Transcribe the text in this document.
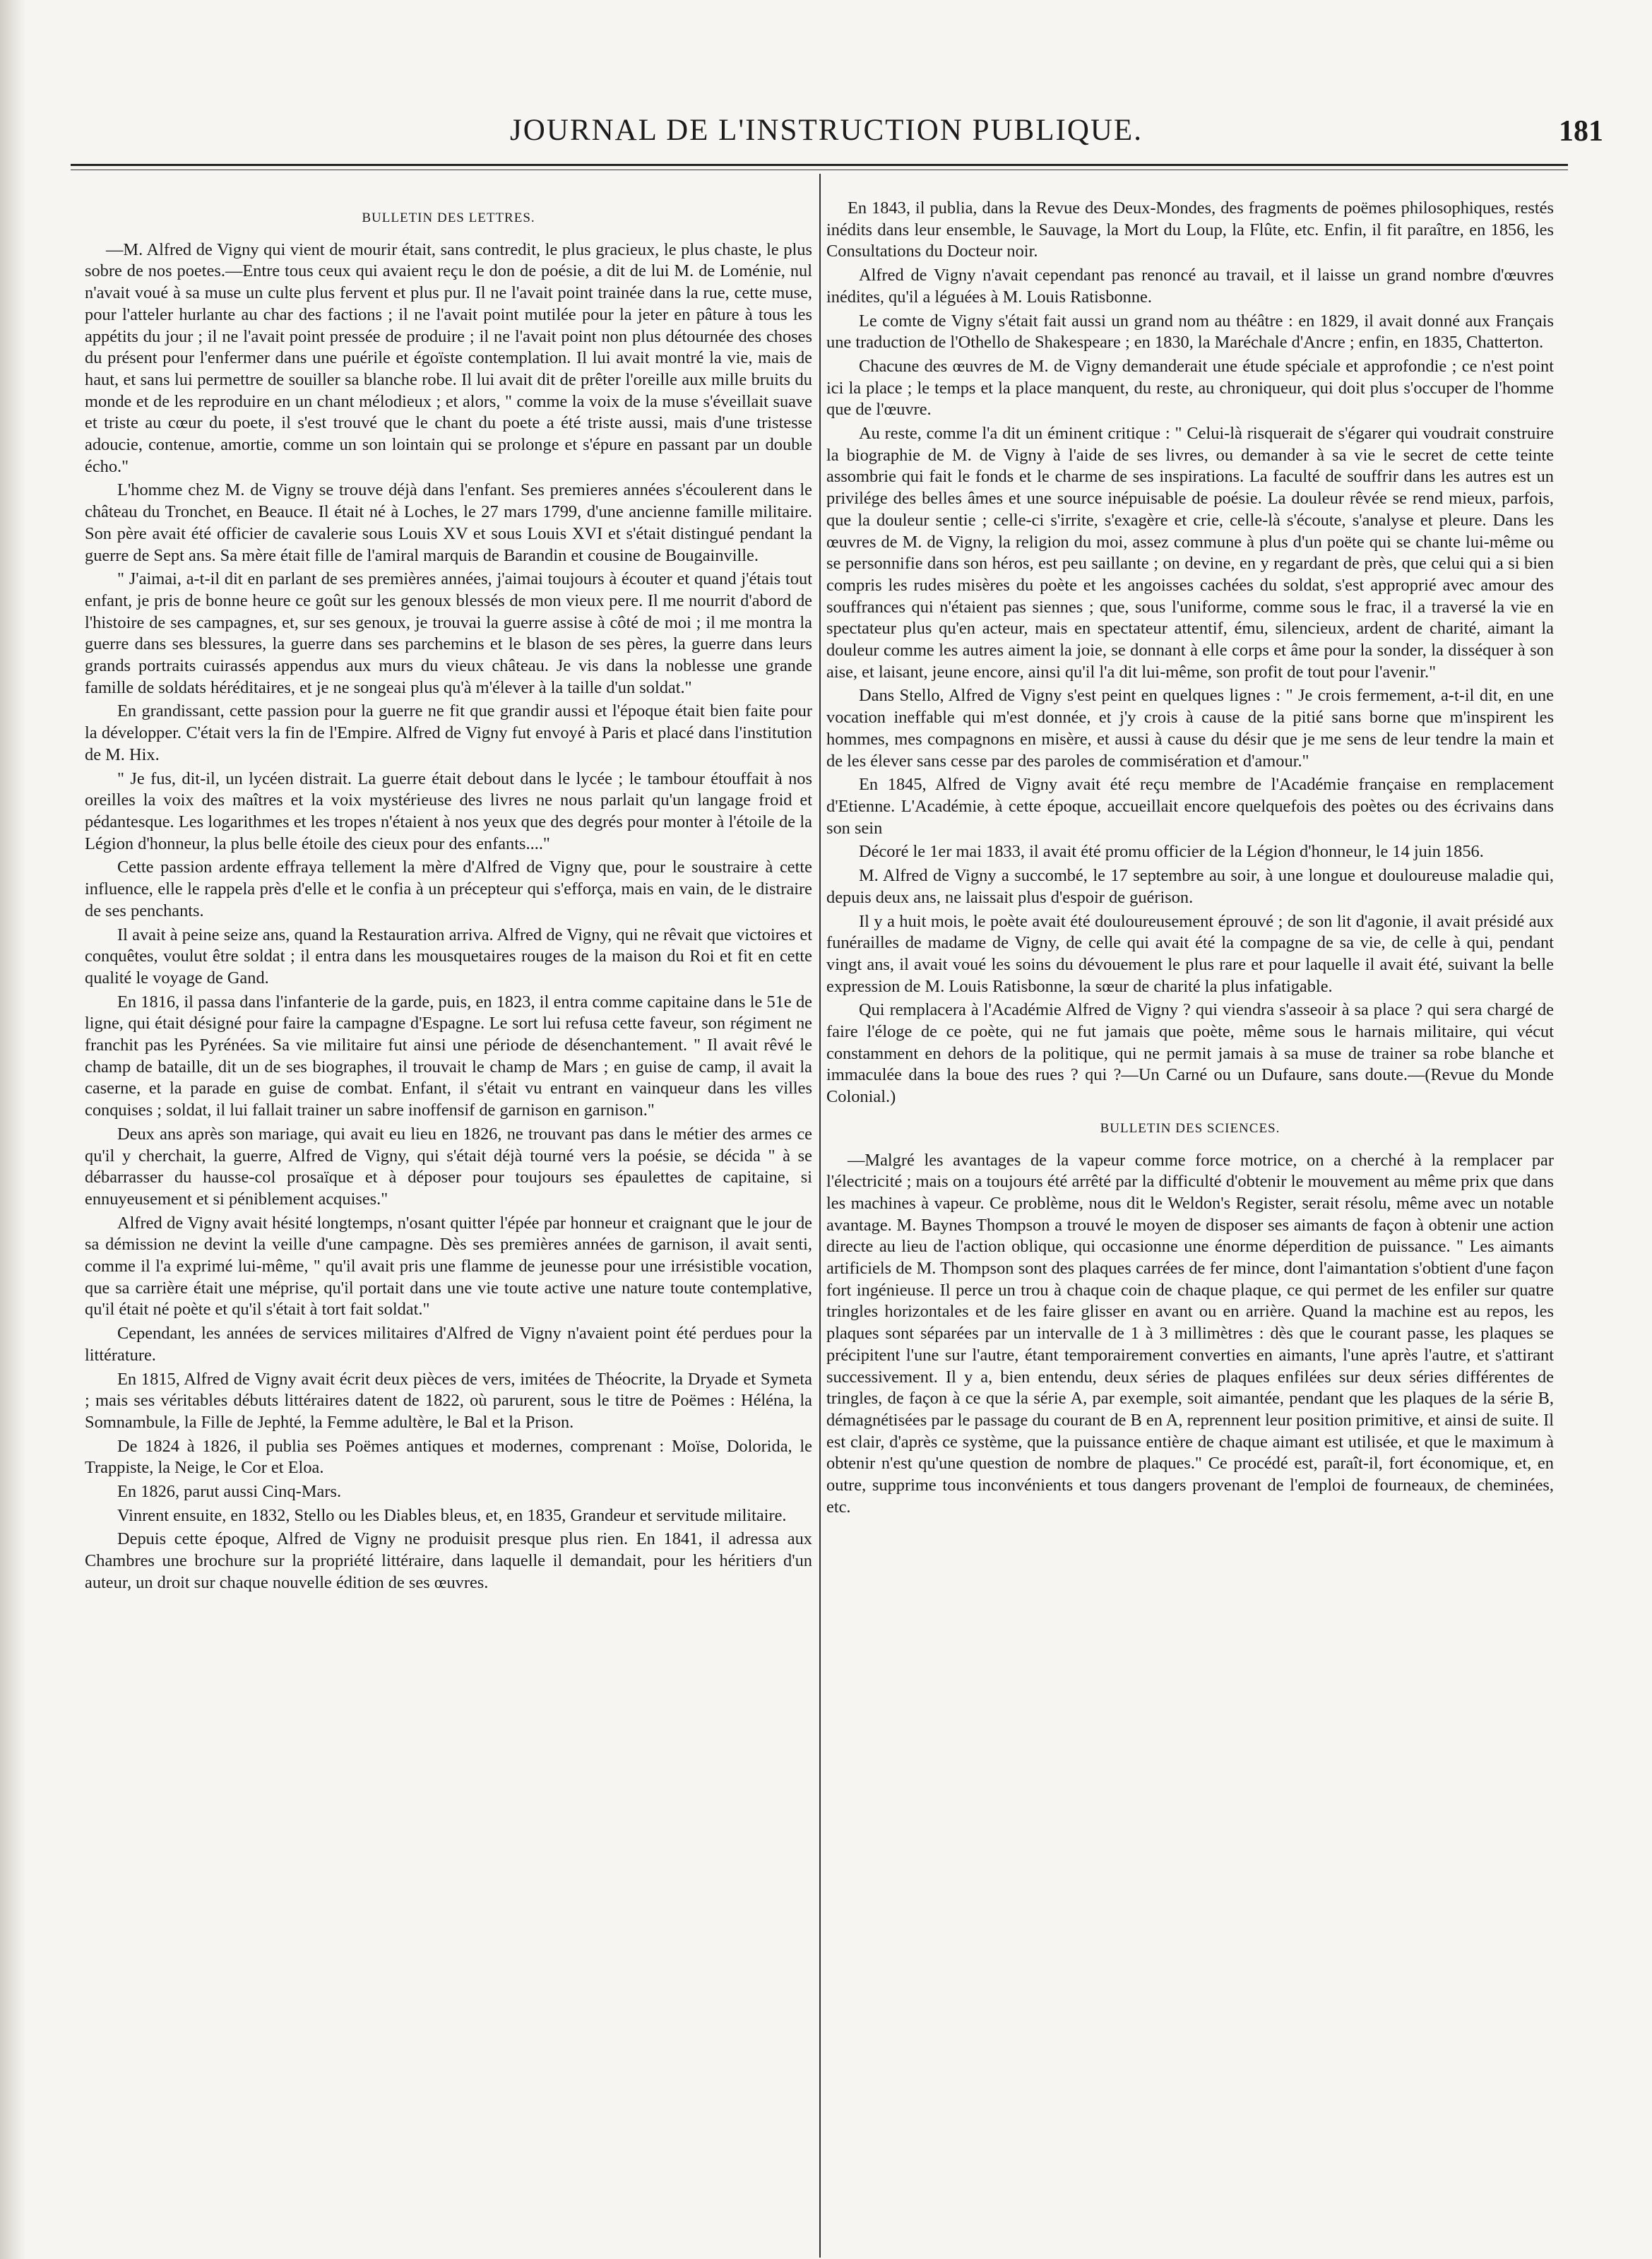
JOURNAL DE L'INSTRUCTION PUBLIQUE.	181
BULLETIN DES LETTRES.

—M. Alfred de Vigny qui vient de mourir était, sans contredit, le plus gracieux, le plus chaste, le plus sobre de nos poetes.—Entre tous ceux qui avaient reçu le don de poésie, a dit de lui M. de Loménie, nul n'avait voué à sa muse un culte plus fervent et plus pur. Il ne l'avait point trainée dans la rue, cette muse, pour l'atteler hurlante au char des factions ; il ne l'avait point mutilée pour la jeter en pâture à tous les appétits du jour ; il ne l'avait point pressée de produire ; il ne l'avait point non plus détournée des choses du présent pour l'enfermer dans une puérile et égoïste contemplation. Il lui avait montré la vie, mais de haut, et sans lui permettre de souiller sa blanche robe. Il lui avait dit de prêter l'oreille aux mille bruits du monde et de les reproduire en un chant mélodieux ; et alors, " comme la voix de la muse s'éveillait suave et triste au cœur du poete, il s'est trouvé que le chant du poete a été triste aussi, mais d'une tristesse adoucie, contenue, amortie, comme un son lointain qui se prolonge et s'épure en passant par un double écho."

L'homme chez M. de Vigny se trouve déjà dans l'enfant. Ses premieres années s'écoulerent dans le château du Tronchet, en Beauce. Il était né à Loches, le 27 mars 1799, d'une ancienne famille militaire. Son père avait été officier de cavalerie sous Louis XV et sous Louis XVI et s'était distingué pendant la guerre de Sept ans. Sa mère était fille de l'amiral marquis de Barandin et cousine de Bougainville.

" J'aimai, a-t-il dit en parlant de ses premières années, j'aimai toujours à écouter et quand j'étais tout enfant, je pris de bonne heure ce goût sur les genoux blessés de mon vieux pere. Il me nourrit d'abord de l'histoire de ses campagnes, et, sur ses genoux, je trouvai la guerre assise à côté de moi ; il me montra la guerre dans ses blessures, la guerre dans ses parchemins et le blason de ses pères, la guerre dans leurs grands portraits cuirassés appendus aux murs du vieux château. Je vis dans la noblesse une grande famille de soldats héréditaires, et je ne songeai plus qu'à m'élever à la taille d'un soldat."

En grandissant, cette passion pour la guerre ne fit que grandir aussi et l'époque était bien faite pour la développer. C'était vers la fin de l'Empire. Alfred de Vigny fut envoyé à Paris et placé dans l'institution de M. Hix.

" Je fus, dit-il, un lycéen distrait. La guerre était debout dans le lycée ; le tambour étouffait à nos oreilles la voix des maîtres et la voix mystérieuse des livres ne nous parlait qu'un langage froid et pédantesque. Les logarithmes et les tropes n'étaient à nos yeux que des degrés pour monter à l'étoile de la Légion d'honneur, la plus belle étoile des cieux pour des enfants...."

Cette passion ardente effraya tellement la mère d'Alfred de Vigny que, pour le soustraire à cette influence, elle le rappela près d'elle et le confia à un précepteur qui s'efforça, mais en vain, de le distraire de ses penchants.

Il avait à peine seize ans, quand la Restauration arriva. Alfred de Vigny, qui ne rêvait que victoires et conquêtes, voulut être soldat ; il entra dans les mousquetaires rouges de la maison du Roi et fit en cette qualité le voyage de Gand.

En 1816, il passa dans l'infanterie de la garde, puis, en 1823, il entra comme capitaine dans le 51e de ligne, qui était désigné pour faire la campagne d'Espagne. Le sort lui refusa cette faveur, son régiment ne franchit pas les Pyrénées. Sa vie militaire fut ainsi une période de désenchantement. " Il avait rêvé le champ de bataille, dit un de ses biographes, il trouvait le champ de Mars ; en guise de camp, il avait la caserne, et la parade en guise de combat. Enfant, il s'était vu entrant en vainqueur dans les villes conquises ; soldat, il lui fallait trainer un sabre inoffensif de garnison en garnison."

Deux ans après son mariage, qui avait eu lieu en 1826, ne trouvant pas dans le métier des armes ce qu'il y cherchait, la guerre, Alfred de Vigny, qui s'était déjà tourné vers la poésie, se décida " à se débarrasser du hausse-col prosaïque et à déposer pour toujours ses épaulettes de capitaine, si ennuyeusement et si péniblement acquises."

Alfred de Vigny avait hésité longtemps, n'osant quitter l'épée par honneur et craignant que le jour de sa démission ne devint la veille d'une campagne. Dès ses premières années de garnison, il avait senti, comme il l'a exprimé lui-même, " qu'il avait pris une flamme de jeunesse pour une irrésistible vocation, que sa carrière était une méprise, qu'il portait dans une vie toute active une nature toute contemplative, qu'il était né poète et qu'il s'était à tort fait soldat."

Cependant, les années de services militaires d'Alfred de Vigny n'avaient point été perdues pour la littérature.

En 1815, Alfred de Vigny avait écrit deux pièces de vers, imitées de Théocrite, la Dryade et Symeta ; mais ses véritables débuts littéraires datent de 1822, où parurent, sous le titre de Poëmes : Héléna, la Somnambule, la Fille de Jephté, la Femme adultère, le Bal et la Prison.

De 1824 à 1826, il publia ses Poëmes antiques et modernes, comprenant : Moïse, Dolorida, le Trappiste, la Neige, le Cor et Eloa.

En 1826, parut aussi Cinq-Mars.

Vinrent ensuite, en 1832, Stello ou les Diables bleus, et, en 1835, Grandeur et servitude militaire.

Depuis cette époque, Alfred de Vigny ne produisit presque plus rien. En 1841, il adressa aux Chambres une brochure sur la propriété littéraire, dans laquelle il demandait, pour les héritiers d'un auteur, un droit sur chaque nouvelle édition de ses œuvres.

En 1843, il publia, dans la Revue des Deux-Mondes, des fragments de poëmes philosophiques, restés inédits dans leur ensemble, le Sauvage, la Mort du Loup, la Flûte, etc. Enfin, il fit paraître, en 1856, les Consultations du Docteur noir.

Alfred de Vigny n'avait cependant pas renoncé au travail, et il laisse un grand nombre d'œuvres inédites, qu'il a léguées à M. Louis Ratisbonne.

Le comte de Vigny s'était fait aussi un grand nom au théâtre : en 1829, il avait donné aux Français une traduction de l'Othello de Shakespeare ; en 1830, la Maréchale d'Ancre ; enfin, en 1835, Chatterton.

Chacune des œuvres de M. de Vigny demanderait une étude spéciale et approfondie ; ce n'est point ici la place ; le temps et la place manquent, du reste, au chroniqueur, qui doit plus s'occuper de l'homme que de l'œuvre.

Au reste, comme l'a dit un éminent critique : " Celui-là risquerait de s'égarer qui voudrait construire la biographie de M. de Vigny à l'aide de ses livres, ou demander à sa vie le secret de cette teinte assombrie qui fait le fonds et le charme de ses inspirations. La faculté de souffrir dans les autres est un privilége des belles âmes et une source inépuisable de poésie. La douleur rêvée se rend mieux, parfois, que la douleur sentie ; celle-ci s'irrite, s'exagère et crie, celle-là s'écoute, s'analyse et pleure. Dans les œuvres de M. de Vigny, la religion du moi, assez commune à plus d'un poëte qui se chante lui-même ou se personnifie dans son héros, est peu saillante ; on devine, en y regardant de près, que celui qui a si bien compris les rudes misères du poète et les angoisses cachées du soldat, s'est approprié avec amour des souffrances qui n'étaient pas siennes ; que, sous l'uniforme, comme sous le frac, il a traversé la vie en spectateur plus qu'en acteur, mais en spectateur attentif, ému, silencieux, ardent de charité, aimant la douleur comme les autres aiment la joie, se donnant à elle corps et âme pour la sonder, la disséquer à son aise, et laisant, jeune encore, ainsi qu'il l'a dit lui-même, son profit de tout pour l'avenir."

Dans Stello, Alfred de Vigny s'est peint en quelques lignes : " Je crois fermement, a-t-il dit, en une vocation ineffable qui m'est donnée, et j'y crois à cause de la pitié sans borne que m'inspirent les hommes, mes compagnons en misère, et aussi à cause du désir que je me sens de leur tendre la main et de les élever sans cesse par des paroles de commisération et d'amour."

En 1845, Alfred de Vigny avait été reçu membre de l'Académie française en remplacement d'Etienne. L'Académie, à cette époque, accueillait encore quelquefois des poètes ou des écrivains dans son sein

Décoré le 1er mai 1833, il avait été promu officier de la Légion d'honneur, le 14 juin 1856.

M. Alfred de Vigny a succombé, le 17 septembre au soir, à une longue et douloureuse maladie qui, depuis deux ans, ne laissait plus d'espoir de guérison.

Il y a huit mois, le poète avait été douloureusement éprouvé ; de son lit d'agonie, il avait présidé aux funérailles de madame de Vigny, de celle qui avait été la compagne de sa vie, de celle à qui, pendant vingt ans, il avait voué les soins du dévouement le plus rare et pour laquelle il avait été, suivant la belle expression de M. Louis Ratisbonne, la sœur de charité la plus infatigable.

Qui remplacera à l'Académie Alfred de Vigny ? qui viendra s'asseoir à sa place ? qui sera chargé de faire l'éloge de ce poète, qui ne fut jamais que poète, même sous le harnais militaire, qui vécut constamment en dehors de la politique, qui ne permit jamais à sa muse de trainer sa robe blanche et immaculée dans la boue des rues ? qui ?—Un Carné ou un Dufaure, sans doute.—(Revue du Monde Colonial.)

BULLETIN DES SCIENCES.

—Malgré les avantages de la vapeur comme force motrice, on a cherché à la remplacer par l'électricité ; mais on a toujours été arrêté par la difficulté d'obtenir le mouvement au même prix que dans les machines à vapeur. Ce problème, nous dit le Weldon's Register, serait résolu, même avec un notable avantage. M. Baynes Thompson a trouvé le moyen de disposer ses aimants de façon à obtenir une action directe au lieu de l'action oblique, qui occasionne une énorme déperdition de puissance. " Les aimants artificiels de M. Thompson sont des plaques carrées de fer mince, dont l'aimantation s'obtient d'une façon fort ingénieuse. Il perce un trou à chaque coin de chaque plaque, ce qui permet de les enfiler sur quatre tringles horizontales et de les faire glisser en avant ou en arrière. Quand la machine est au repos, les plaques sont séparées par un intervalle de 1 à 3 millimètres : dès que le courant passe, les plaques se précipitent l'une sur l'autre, étant temporairement converties en aimants, l'une après l'autre, et s'attirant successivement. Il y a, bien entendu, deux séries de plaques enfilées sur deux séries différentes de tringles, de façon à ce que la série A, par exemple, soit aimantée, pendant que les plaques de la série B, démagnétisées par le passage du courant de B en A, reprennent leur position primitive, et ainsi de suite. Il est clair, d'après ce système, que la puissance entière de chaque aimant est utilisée, et que le maximum à obtenir n'est qu'une question de nombre de plaques." Ce procédé est, paraît-il, fort économique, et, en outre, supprime tous inconvénients et tous dangers provenant de l'emploi de fourneaux, de cheminées, etc.
